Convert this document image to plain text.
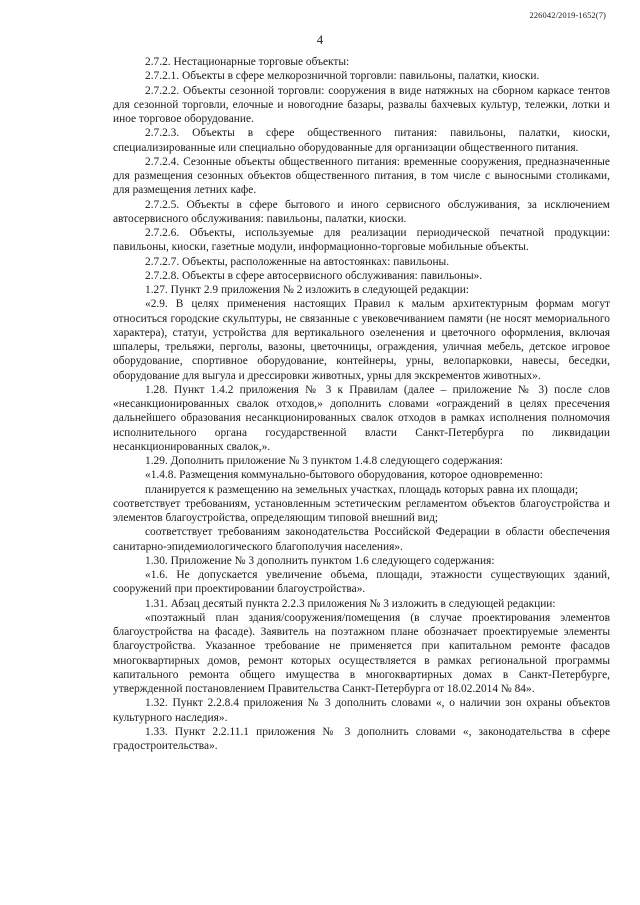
226042/2019-1652(7)
4

2.7.2. Нестационарные торговые объекты:

2.7.2.1. Объекты в сфере мелкорозничной торговли: павильоны, палатки, киоски.

2.7.2.2. Объекты сезонной торговли: сооружения в виде натяжных на сборном каркасе тентов для сезонной торговли, елочные и новогодние базары, развалы бахчевых культур, тележки, лотки и иное торговое оборудование.

2.7.2.3. Объекты в сфере общественного питания: павильоны, палатки, киоски, специализированные или специально оборудованные для организации общественного питания.

2.7.2.4. Сезонные объекты общественного питания: временные сооружения, предназначенные для размещения сезонных объектов общественного питания, в том числе с выносными столиками, для размещения летних кафе.

2.7.2.5. Объекты в сфере бытового и иного сервисного обслуживания, за исключением автосервисного обслуживания: павильоны, палатки, киоски.

2.7.2.6. Объекты, используемые для реализации периодической печатной продукции: павильоны, киоски, газетные модули, информационно-торговые мобильные объекты.

2.7.2.7. Объекты, расположенные на автостоянках: павильоны.

2.7.2.8. Объекты в сфере автосервисного обслуживания: павильоны».

1.27. Пункт 2.9 приложения № 2 изложить в следующей редакции:

«2.9. В целях применения настоящих Правил к малым архитектурным формам могут относиться городские скульптуры, не связанные с увековечиванием памяти (не носят мемориального характера), статуи, устройства для вертикального озеленения и цветочного оформления, включая шпалеры, трельяжи, перголы, вазоны, цветочницы, ограждения, уличная мебель, детское игровое оборудование, спортивное оборудование, контейнеры, урны, велопарковки, навесы, беседки, оборудование для выгула и дрессировки животных, урны для экскрементов животных».

1.28. Пункт 1.4.2 приложения № 3 к Правилам (далее – приложение № 3) после слов «несанкционированных свалок отходов,» дополнить словами «ограждений в целях пресечения дальнейшего образования несанкционированных свалок отходов в рамках исполнения полномочия исполнительного органа государственной власти Санкт-Петербурга по ликвидации несанкционированных свалок,».

1.29. Дополнить приложение № 3 пунктом 1.4.8 следующего содержания:

«1.4.8. Размещения коммунально-бытового оборудования, которое одновременно:

планируется к размещению на земельных участках, площадь которых равна их площади;

соответствует требованиям, установленным эстетическим регламентом объектов благоустройства и элементов благоустройства, определяющим типовой внешний вид;

соответствует требованиям законодательства Российской Федерации в области обеспечения санитарно-эпидемиологического благополучия населения».

1.30. Приложение № 3 дополнить пунктом 1.6 следующего содержания:

«1.6. Не допускается увеличение объема, площади, этажности существующих зданий, сооружений при проектировании благоустройства».

1.31. Абзац десятый пункта 2.2.3 приложения № 3 изложить в следующей редакции:

«поэтажный план здания/сооружения/помещения (в случае проектирования элементов благоустройства на фасаде). Заявитель на поэтажном плане обозначает проектируемые элементы благоустройства. Указанное требование не применяется при капитальном ремонте фасадов многоквартирных домов, ремонт которых осуществляется в рамках региональной программы капитального ремонта общего имущества в многоквартирных домах в Санкт-Петербурге, утвержденной постановлением Правительства Санкт-Петербурга от 18.02.2014 № 84».

1.32. Пункт 2.2.8.4 приложения № 3 дополнить словами «, о наличии зон охраны объектов культурного наследия».

1.33. Пункт 2.2.11.1 приложения № 3 дополнить словами «, законодательства в сфере градостроительства».
